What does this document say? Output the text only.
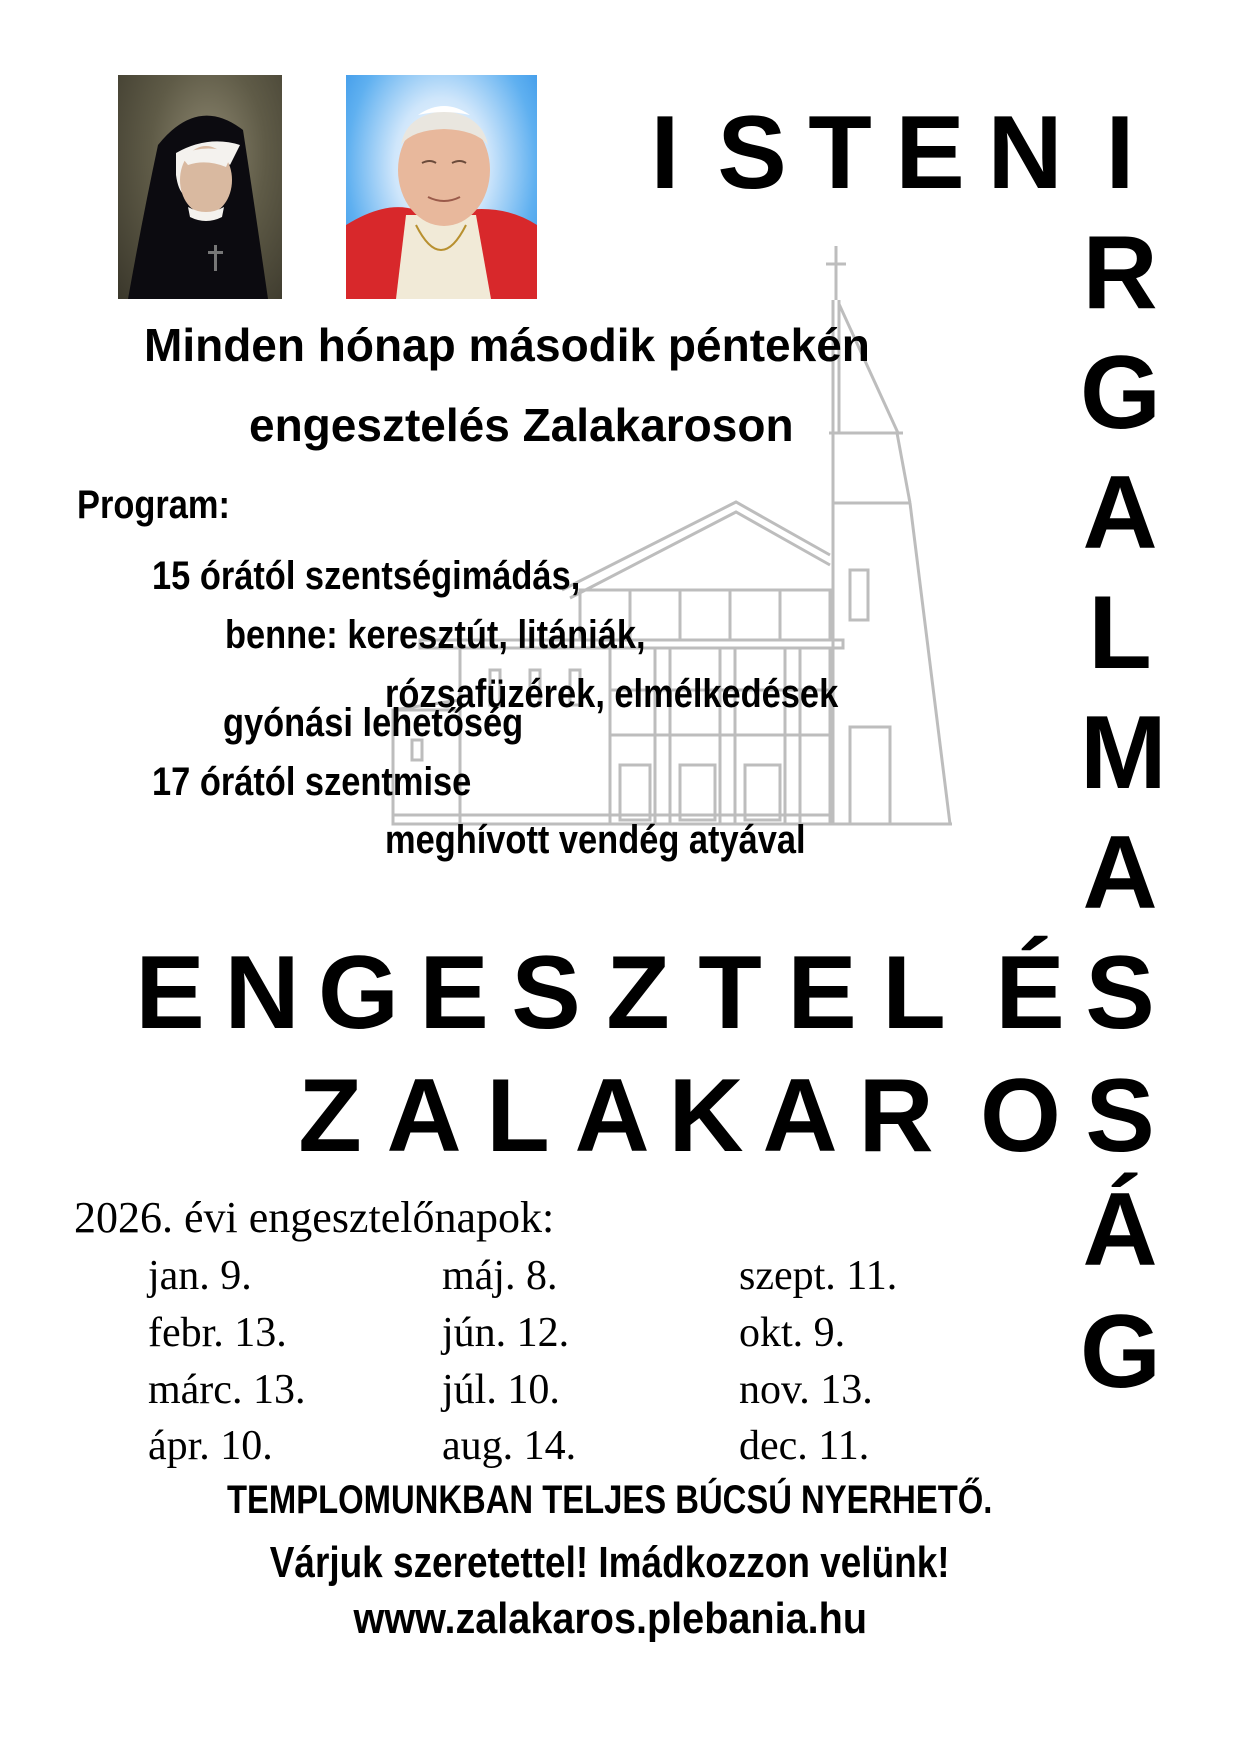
I S T E N I
R
G
A
L
M
A
S
S
Á
G
Minden hónap második péntekén
engesztelés Zalakaroson
Program:
15 órától szentségimádás,
benne: keresztút, litániák,
rózsafüzérek, elmélkedések
gyónási lehetőség
17 órától szentmise
meghívott vendég atyával
E N G E S Z T E L É
Z A L A K A R O
2026. évi engesztelőnapok:
jan. 9.
febr. 13.
márc. 13.
ápr. 10.
máj. 8.
jún. 12.
júl. 10.
aug. 14.
szept. 11.
okt. 9.
nov. 13.
dec. 11.
TEMPLOMUNKBAN TELJES BÚCSÚ NYERHETŐ.
Várjuk szeretettel! Imádkozzon velünk!
www.zalakaros.plebania.hu
